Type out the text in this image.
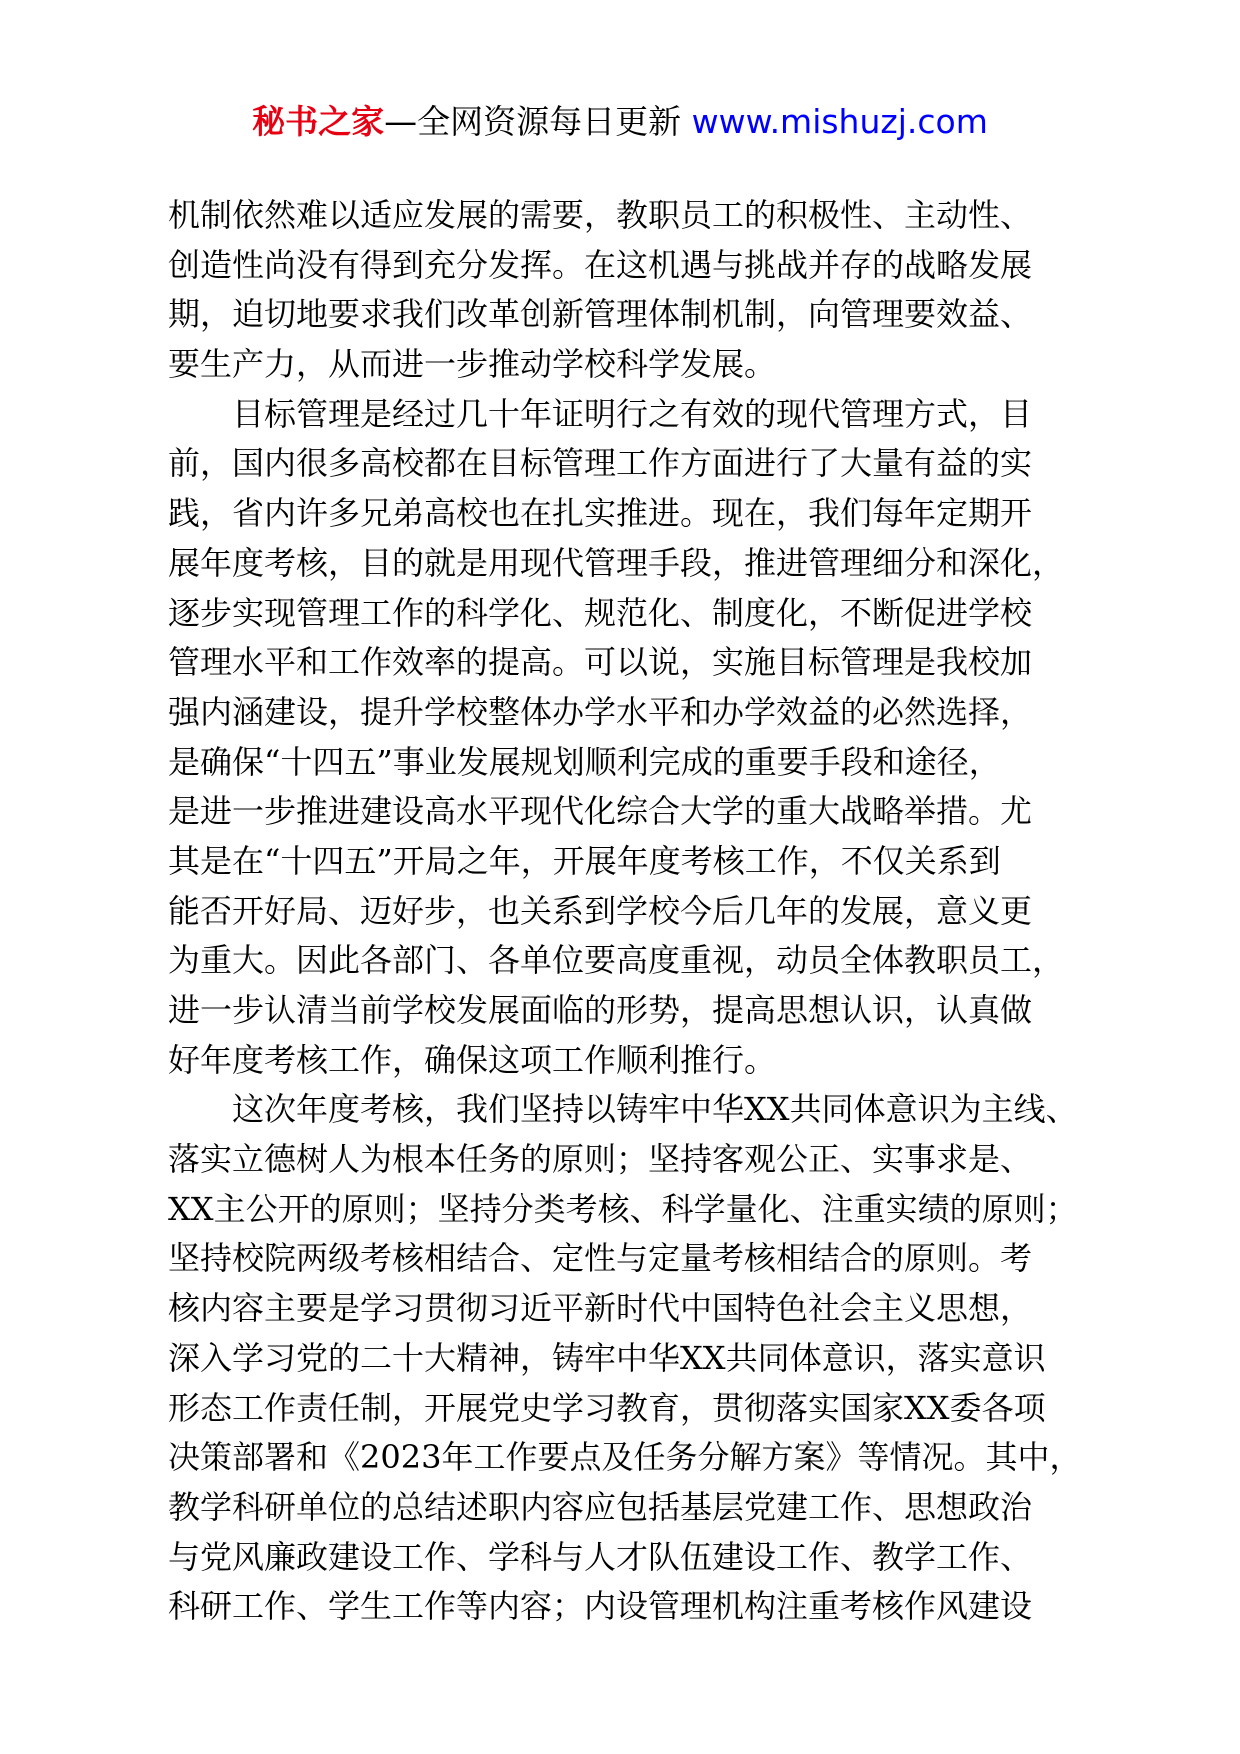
秘书之家—全网资源每日更新 www.mishuzj.com
机制依然难以适应发展的需要，教职员工的积极性、主动性、
创造性尚没有得到充分发挥。在这机遇与挑战并存的战略发展
期，迫切地要求我们改革创新管理体制机制，向管理要效益、
要生产力，从而进一步推动学校科学发展。
目标管理是经过几十年证明行之有效的现代管理方式，目
前，国内很多高校都在目标管理工作方面进行了大量有益的实
践，省内许多兄弟高校也在扎实推进。现在，我们每年定期开
展年度考核，目的就是用现代管理手段，推进管理细分和深化，
逐步实现管理工作的科学化、规范化、制度化，不断促进学校
管理水平和工作效率的提高。可以说，实施目标管理是我校加
强内涵建设，提升学校整体办学水平和办学效益的必然选择，
是确保“十四五”事业发展规划顺利完成的重要手段和途径，
是进一步推进建设高水平现代化综合大学的重大战略举措。尤
其是在“十四五”开局之年，开展年度考核工作，不仅关系到
能否开好局、迈好步，也关系到学校今后几年的发展，意义更
为重大。因此各部门、各单位要高度重视，动员全体教职员工，
进一步认清当前学校发展面临的形势，提高思想认识，认真做
好年度考核工作，确保这项工作顺利推行。
这次年度考核，我们坚持以铸牢中华XX共同体意识为主线、
落实立德树人为根本任务的原则；坚持客观公正、实事求是、
XX主公开的原则；坚持分类考核、科学量化、注重实绩的原则；
坚持校院两级考核相结合、定性与定量考核相结合的原则。考
核内容主要是学习贯彻习近平新时代中国特色社会主义思想，
深入学习党的二十大精神，铸牢中华XX共同体意识，落实意识
形态工作责任制，开展党史学习教育，贯彻落实国家XX委各项
决策部署和《2023年工作要点及任务分解方案》等情况。其中，
教学科研单位的总结述职内容应包括基层党建工作、思想政治
与党风廉政建设工作、学科与人才队伍建设工作、教学工作、
科研工作、学生工作等内容；内设管理机构注重考核作风建设
